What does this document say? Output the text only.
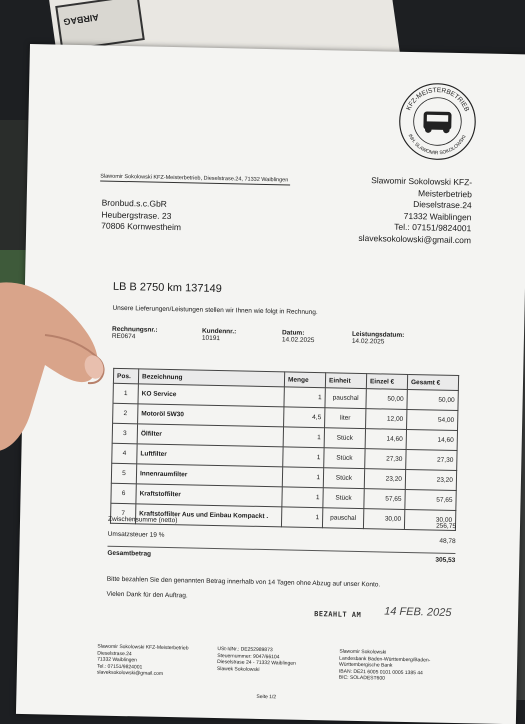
AIRBAG
KFZ-MEISTERBETRIEB
INH. SLAWOMIR SOKOLOWSKI
Slawomir Sokolowski KFZ-Meisterbetrieb, Dieselstrase.24, 71332 Waiblingen
Bronbud.s.c.GbR
Heubergstrase. 23
70806 Kornwestheim
Slawomir Sokolowski KFZ-Meisterbetrieb
Dieselstrase.24
71332 Waiblingen
Tel.: 07151/9824001
slaveksokolowski@gmail.com
LB B 2750 km 137149
Unsere Lieferungen/Leistungen stellen wir Ihnen wie folgt in Rechnung.
Rechnungsnr.:
RE0674
Kundennr.:
10191
Datum:
14.02.2025
Leistungsdatum:
14.02.2025
Pos.	Bezeichnung	Menge	Einheit	Einzel €	Gesamt €
1	KO Service	1	pauschal	50,00	50,00
2	Motoröl 5W30	4,5	liter	12,00	54,00
3	Ölfilter	1	Stück	14,60	14,60
4	Luftfilter	1	Stück	27,30	27,30
5	Innenraumfilter	1	Stück	23,20	23,20
6	Kraftstoffilter	1	Stück	57,65	57,65
7	Kraftstoffilter Aus und Einbau Kompackt .	1	pauschal	30,00	30,00
Zwischensumme (netto)
256,75
Umsatzsteuer 19 %
48,78
Gesamtbetrag
305,53
Bitte bezahlen Sie den genannten Betrag innerhalb von 14 Tagen ohne Abzug auf unser Konto.
Vielen Dank für den Auftrag.
BEZAHLT AM 14 FEB. 2025
Slawomir Sokolowski KFZ-Meisterbetrieb
Dieselstrase.24
71332 Waiblingen
Tel.: 07151/9824001
slaveksokolowski@gmail.com
USt-IdNr.: DE252989873
Steuernummer: 9047/66104
Dieselstrase 24 - 71332 Waiblingen
Slawek Sokolowski
Slawomir Sokolowski
Landesbank Baden-Württemberg/Baden-
Württembergische Bank
IBAN: DE21 6005 0101 0005 1385 44
BIC: SOLADEST600
Seite 1/2
